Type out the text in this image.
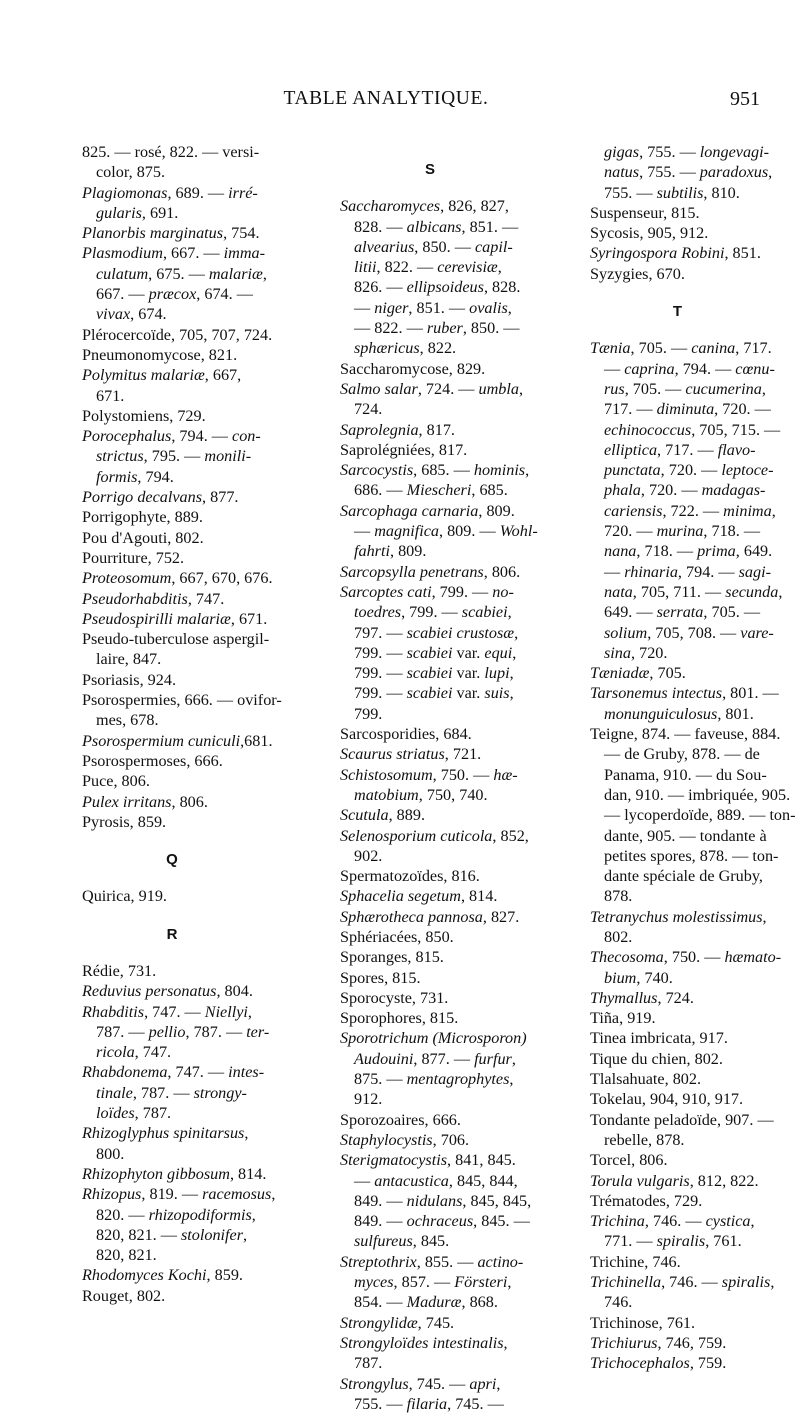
TABLE ANALYTIQUE.	951
825. — rosé, 822. — versi-
color, 875.
Plagiomonas, 689. — irré-
gularis, 691.
Planorbis marginatus, 754.
Plasmodium, 667. — imma-
culatum, 675. — malariæ,
667. — præcox, 674. —
vivax, 674.
Plérocercoïde, 705, 707, 724.
Pneumonomycose, 821.
Polymitus malariæ, 667,
671.
Polystomiens, 729.
Porocephalus, 794. — con-
strictus, 795. — monili-
formis, 794.
Porrigo decalvans, 877.
Porrigophyte, 889.
Pou d'Agouti, 802.
Pourriture, 752.
Proteosomum, 667, 670, 676.
Pseudorhabditis, 747.
Pseudospirilli malariæ, 671.
Pseudo-tuberculose aspergil-
laire, 847.
Psoriasis, 924.
Psorospermies, 666. — ovifor-
mes, 678.
Psorospermium cuniculi,681.
Psorospermoses, 666.
Puce, 806.
Pulex irritans, 806.
Pyrosis, 859.
Q
Quirica, 919.
R
Rédie, 731.
Reduvius personatus, 804.
Rhabditis, 747. — Niellyi,
787. — pellio, 787. — ter-
ricola, 747.
Rhabdonema, 747. — intes-
tinale, 787. — strongy-
loïdes, 787.
Rhizoglyphus spinitarsus,
800.
Rhizophyton gibbosum, 814.
Rhizopus, 819. — racemosus,
820. — rhizopodiformis,
820, 821. — stolonifer,
820, 821.
Rhodomyces Kochi, 859.
Rouget, 802.
S
Saccharomyces, 826, 827,
828. — albicans, 851. —
alvearius, 850. — capil-
litii, 822. — cerevisiæ,
826. — ellipsoideus, 828.
— niger, 851. — ovalis,
— 822. — ruber, 850. —
sphæricus, 822.
Saccharomycose, 829.
Salmo salar, 724. — umbla,
724.
Saprolegnia, 817.
Saprolégniées, 817.
Sarcocystis, 685. — hominis,
686. — Miescheri, 685.
Sarcophaga carnaria, 809.
— magnifica, 809. — Wohl-
fahrti, 809.
Sarcopsylla penetrans, 806.
Sarcoptes cati, 799. — no-
toedres, 799. — scabiei,
797. — scabiei crustosæ,
799. — scabiei var. equi,
799. — scabiei var. lupi,
799. — scabiei var. suis,
799.
Sarcosporidies, 684.
Scaurus striatus, 721.
Schistosomum, 750. — hæ-
matobium, 750, 740.
Scutula, 889.
Selenosporium cuticola, 852,
902.
Spermatozoïdes, 816.
Sphacelia segetum, 814.
Sphærotheca pannosa, 827.
Sphériacées, 850.
Sporanges, 815.
Spores, 815.
Sporocyste, 731.
Sporophores, 815.
Sporotrichum (Microsporon)
Audouini, 877. — furfur,
875. — mentagrophytes,
912.
Sporozoaires, 666.
Staphylocystis, 706.
Sterigmatocystis, 841, 845.
— antacustica, 845, 844,
849. — nidulans, 845, 845,
849. — ochraceus, 845. —
sulfureus, 845.
Streptothrix, 855. — actino-
myces, 857. — Försteri,
854. — Maduræ, 868.
Strongylidæ, 745.
Strongyloïdes intestinalis,
787.
Strongylus, 745. — apri,
755. — filaria, 745. —
gigas, 755. — longevagi-
natus, 755. — paradoxus,
755. — subtilis, 810.
Suspenseur, 815.
Sycosis, 905, 912.
Syringospora Robini, 851.
Syzygies, 670.
T
Tænia, 705. — canina, 717.
— caprina, 794. — cœnu-
rus, 705. — cucumerina,
717. — diminuta, 720. —
echinococcus, 705, 715. —
elliptica, 717. — flavo-
punctata, 720. — leptoce-
phala, 720. — madagas-
cariensis, 722. — minima,
720. — murina, 718. —
nana, 718. — prima, 649.
— rhinaria, 794. — sagi-
nata, 705, 711. — secunda,
649. — serrata, 705. —
solium, 705, 708. — vare-
sina, 720.
Tæniadæ, 705.
Tarsonemus intectus, 801. —
monunguiculosus, 801.
Teigne, 874. — faveuse, 884.
— de Gruby, 878. — de
Panama, 910. — du Sou-
dan, 910. — imbriquée, 905.
— lycoperdoïde, 889. — ton-
dante, 905. — tondante à
petites spores, 878. — ton-
dante spéciale de Gruby,
878.
Tetranychus molestissimus,
802.
Thecosoma, 750. — hæmato-
bium, 740.
Thymallus, 724.
Tiña, 919.
Tinea imbricata, 917.
Tique du chien, 802.
Tlalsahuate, 802.
Tokelau, 904, 910, 917.
Tondante peladoïde, 907. —
rebelle, 878.
Torcel, 806.
Torula vulgaris, 812, 822.
Trématodes, 729.
Trichina, 746. — cystica,
771. — spiralis, 761.
Trichine, 746.
Trichinella, 746. — spiralis,
746.
Trichinose, 761.
Trichiurus, 746, 759.
Trichocephalos, 759.
